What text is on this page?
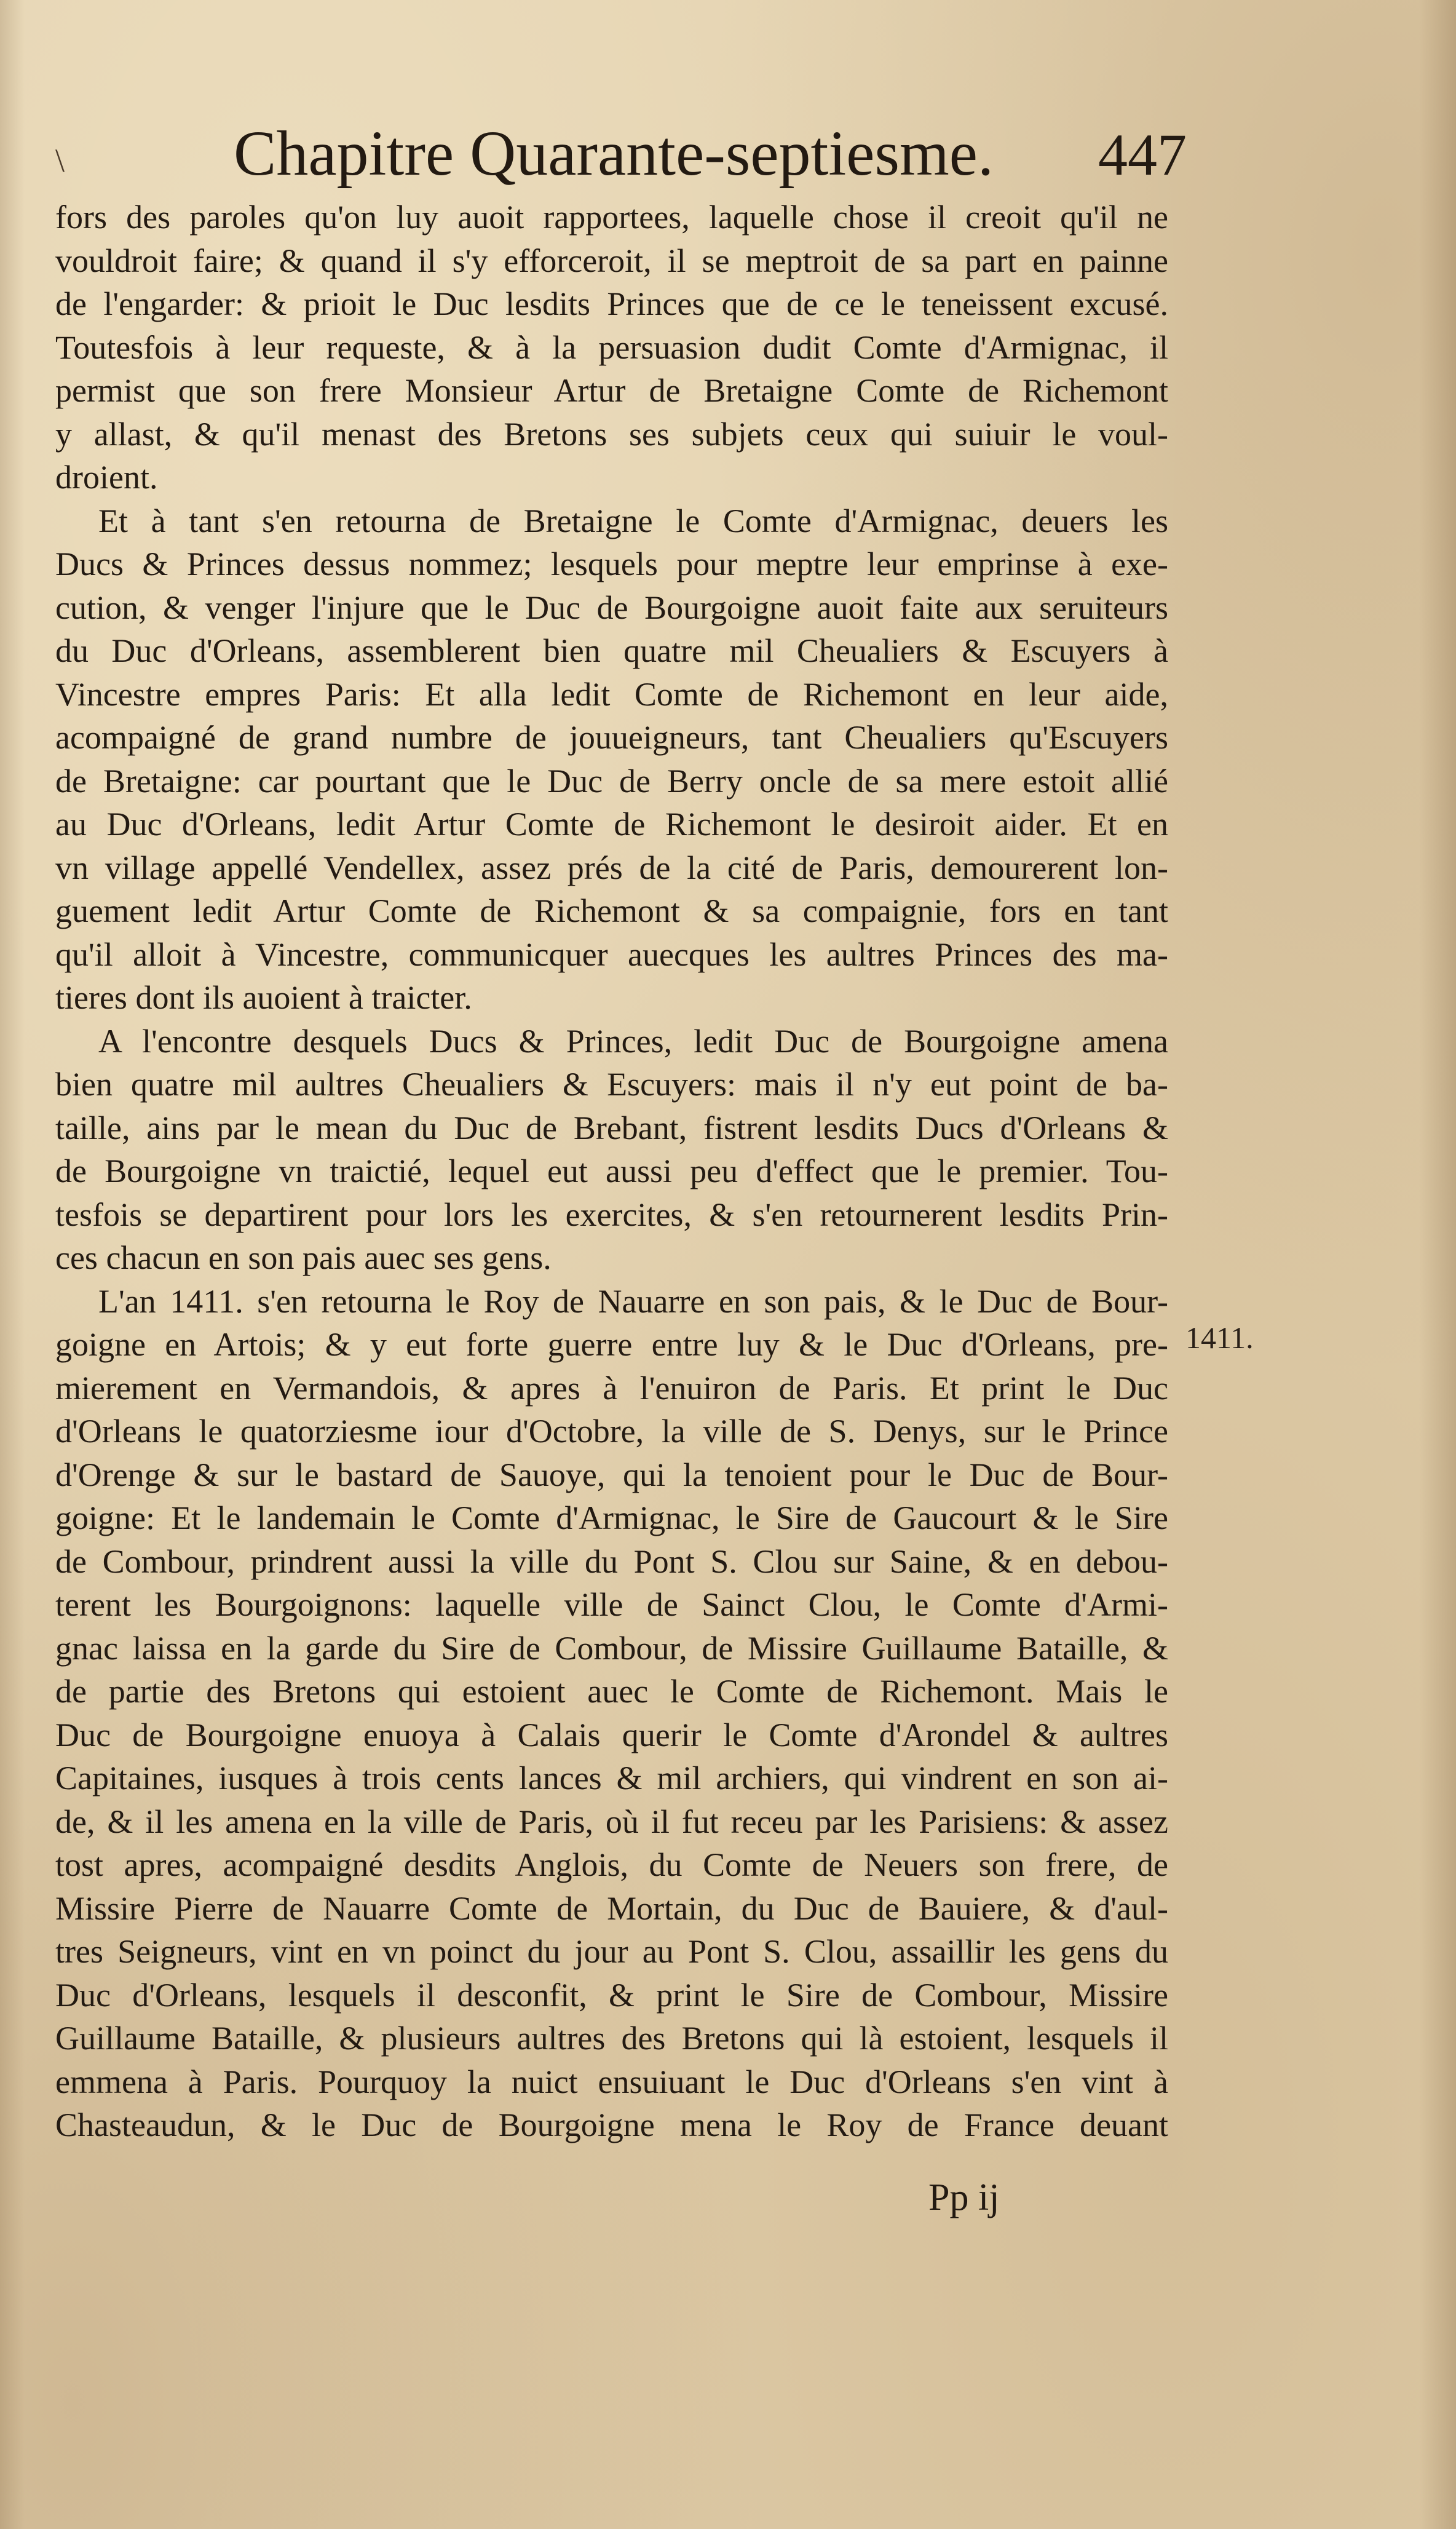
\	Chapitre Quarante-septiesme. 447
fors des paroles qu'on luy auoit rapportees, laquelle chose il creoit qu'il ne
vouldroit faire; & quand il s'y efforceroit, il se meptroit de sa part en painne
de l'engarder: & prioit le Duc lesdits Princes que de ce le teneissent excusé.
Toutesfois à leur requeste, & à la persuasion dudit Comte d'Armignac, il
permist que son frere Monsieur Artur de Bretaigne Comte de Richemont
y allast, & qu'il menast des Bretons ses subjets ceux qui suiuir le voul-
droient.
Et à tant s'en retourna de Bretaigne le Comte d'Armignac, deuers les
Ducs & Princes dessus nommez; lesquels pour meptre leur emprinse à exe-
cution, & venger l'injure que le Duc de Bourgoigne auoit faite aux seruiteurs
du Duc d'Orleans, assemblerent bien quatre mil Cheualiers & Escuyers à
Vincestre empres Paris: Et alla ledit Comte de Richemont en leur aide,
acompaigné de grand numbre de jouueigneurs, tant Cheualiers qu'Escuyers
de Bretaigne: car pourtant que le Duc de Berry oncle de sa mere estoit allié
au Duc d'Orleans, ledit Artur Comte de Richemont le desiroit aider. Et en
vn village appellé Vendellex, assez prés de la cité de Paris, demourerent lon-
guement ledit Artur Comte de Richemont & sa compaignie, fors en tant
qu'il alloit à Vincestre, communicquer auecques les aultres Princes des ma-
tieres dont ils auoient à traicter.
A l'encontre desquels Ducs & Princes, ledit Duc de Bourgoigne amena
bien quatre mil aultres Cheualiers & Escuyers: mais il n'y eut point de ba-
taille, ains par le mean du Duc de Brebant, fistrent lesdits Ducs d'Orleans &
de Bourgoigne vn traictié, lequel eut aussi peu d'effect que le premier. Tou-
tesfois se departirent pour lors les exercites, & s'en retournerent lesdits Prin-
ces chacun en son pais auec ses gens.
L'an 1411. s'en retourna le Roy de Nauarre en son pais, & le Duc de Bour-
goigne en Artois; & y eut forte guerre entre luy & le Duc d'Orleans, pre-
mierement en Vermandois, & apres à l'enuiron de Paris. Et print le Duc
d'Orleans le quatorziesme iour d'Octobre, la ville de S. Denys, sur le Prince
d'Orenge & sur le bastard de Sauoye, qui la tenoient pour le Duc de Bour-
goigne: Et le landemain le Comte d'Armignac, le Sire de Gaucourt & le Sire
de Combour, prindrent aussi la ville du Pont S. Clou sur Saine, & en debou-
terent les Bourgoignons: laquelle ville de Sainct Clou, le Comte d'Armi-
gnac laissa en la garde du Sire de Combour, de Missire Guillaume Bataille, &
de partie des Bretons qui estoient auec le Comte de Richemont. Mais le
Duc de Bourgoigne enuoya à Calais querir le Comte d'Arondel & aultres
Capitaines, iusques à trois cents lances & mil archiers, qui vindrent en son ai-
de, & il les amena en la ville de Paris, où il fut receu par les Parisiens: & assez
tost apres, acompaigné desdits Anglois, du Comte de Neuers son frere, de
Missire Pierre de Nauarre Comte de Mortain, du Duc de Bauiere, & d'aul-
tres Seigneurs, vint en vn poinct du jour au Pont S. Clou, assaillir les gens du
Duc d'Orleans, lesquels il desconfit, & print le Sire de Combour, Missire
Guillaume Bataille, & plusieurs aultres des Bretons qui là estoient, lesquels il
emmena à Paris. Pourquoy la nuict ensuiuant le Duc d'Orleans s'en vint à
Chasteaudun, & le Duc de Bourgoigne mena le Roy de France deuant
1411.
Pp ij
